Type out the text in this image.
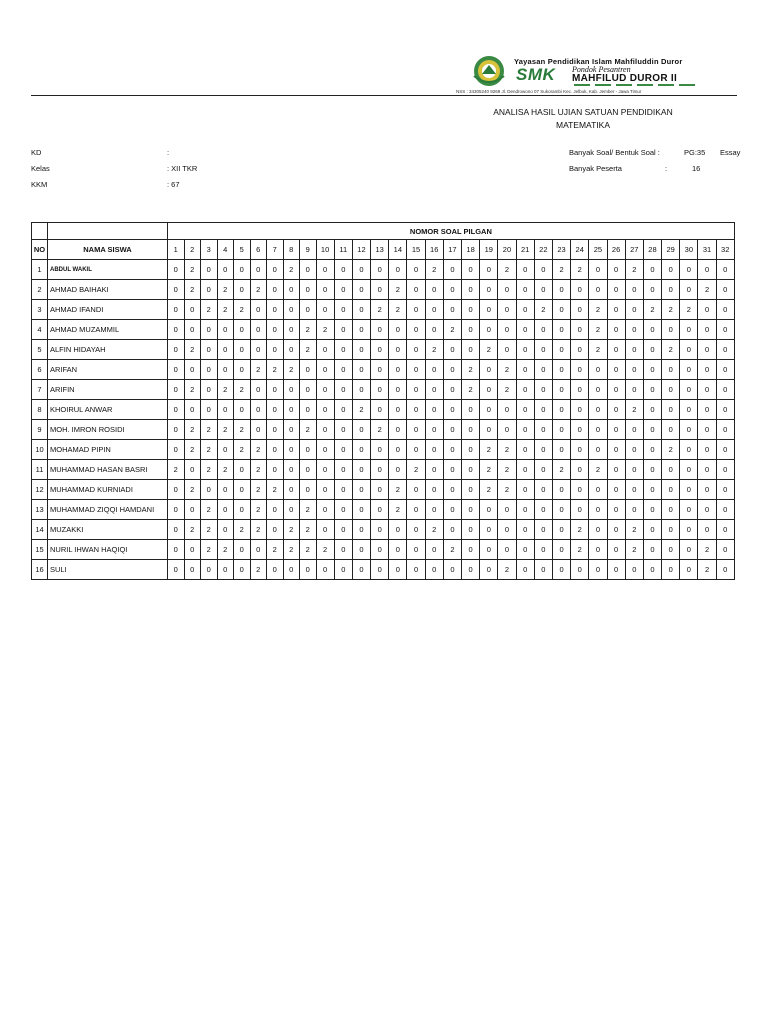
Yayasan Pendidikan Islam Mahfiluddin Duror
SMK Pondok Pesantren
MAHFILUD DUROR II
NSS : 34305240 9269 Jl. Dendrowono 07 Sukorambi Kec. Jelbuk, Kab. Jember - Jawa Timur
ANALISA HASIL UJIAN SATUAN PENDIDIKAN
MATEMATIKA
KD	:
Kelas	: XII TKR
KKM	: 67
Banyak Soal/ Bentuk Soal :	PG:35 Essay
Banyak Peserta	:	16
		NOMOR SOAL PILGAN																															
NO	NAMA SISWA	1	2	3	4	5	6	7	8	9	10	11	12	13	14	15	16	17	18	19	20	21	22	23	24	25	26	27	28	29	30	31	32
1	ABDUL WAKIL	0	2	0	0	0	0	0	2	0	0	0	0	0	0	0	2	0	0	0	2	0	0	2	2	0	0	2	0	0	0	0	0
2	AHMAD BAIHAKI	0	2	0	2	0	2	0	0	0	0	0	0	0	2	0	0	0	0	0	0	0	0	0	0	0	0	0	0	0	0	2	0
3	AHMAD IFANDI	0	0	2	2	2	0	0	0	0	0	0	0	2	2	0	0	0	0	0	0	0	2	0	0	2	0	0	2	2	2	0	0
4	AHMAD MUZAMMIL	0	0	0	0	0	0	0	0	2	2	0	0	0	0	0	0	2	0	0	0	0	0	0	0	2	0	0	0	0	0	0	0
5	ALFIN HIDAYAH	0	2	0	0	0	0	0	0	2	0	0	0	0	0	0	2	0	0	2	0	0	0	0	0	2	0	0	0	2	0	0	0
6	ARIFAN	0	0	0	0	0	2	2	2	0	0	0	0	0	0	0	0	0	2	0	2	0	0	0	0	0	0	0	0	0	0	0	0
7	ARIFIN	0	2	0	2	2	0	0	0	0	0	0	0	0	0	0	0	0	2	0	2	0	0	0	0	0	0	0	0	0	0	0	0
8	KHOIRUL ANWAR	0	0	0	0	0	0	0	0	0	0	0	2	0	0	0	0	0	0	0	0	0	0	0	0	0	0	2	0	0	0	0	0
9	MOH. IMRON ROSIDI	0	2	2	2	2	0	0	0	2	0	0	0	2	0	0	0	0	0	0	0	0	0	0	0	0	0	0	0	0	0	0	0
10	MOHAMAD PIPIN	0	2	2	0	2	2	0	0	0	0	0	0	0	0	0	0	0	0	2	2	0	0	0	0	0	0	0	0	2	0	0	0
11	MUHAMMAD HASAN BASRI	2	0	2	2	0	2	0	0	0	0	0	0	0	0	2	0	0	0	2	2	0	0	2	0	2	0	0	0	0	0	0	0
12	MUHAMMAD KURNIADI	0	2	0	0	0	2	2	0	0	0	0	0	0	2	0	0	0	0	2	2	0	0	0	0	0	0	0	0	0	0	0	0
13	MUHAMMAD ZIQQI HAMDANI	0	0	2	0	0	2	0	0	2	0	0	0	0	2	0	0	0	0	0	0	0	0	0	0	0	0	0	0	0	0	0	0
14	MUZAKKI	0	2	2	0	2	2	0	2	2	0	0	0	0	0	0	2	0	0	0	0	0	0	0	2	0	0	2	0	0	0	0	0
15	NURIL IHWAN HAQIQI	0	0	2	2	0	0	2	2	2	2	0	0	0	0	0	0	2	0	0	0	0	0	0	2	0	0	2	0	0	0	2	0
16	SULI	0	0	0	0	0	2	0	0	0	0	0	0	0	0	0	0	0	0	0	2	0	0	0	0	0	0	0	0	0	0	2	0
